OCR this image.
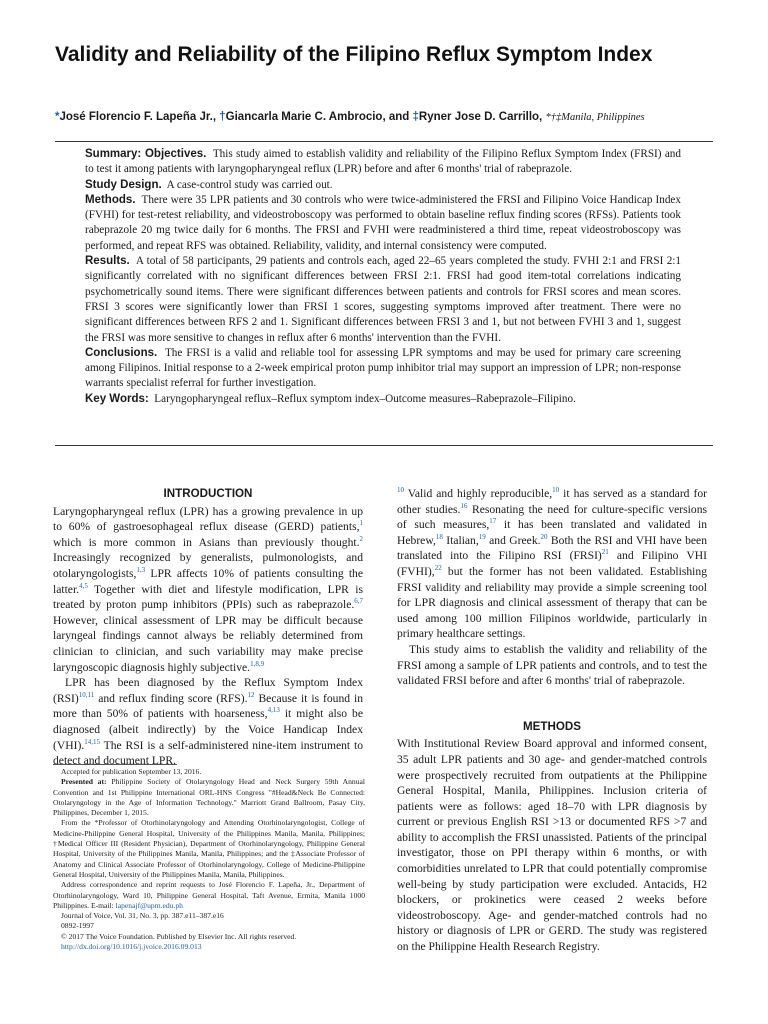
Validity and Reliability of the Filipino Reflux Symptom Index
*José Florencio F. Lapeña Jr., †Giancarla Marie C. Ambrocio, and ‡Ryner Jose D. Carrillo, *†‡Manila, Philippines

Summary: Objectives. This study aimed to establish validity and reliability of the Filipino Reflux Symptom Index (FRSI) and to test it among patients with laryngopharyngeal reflux (LPR) before and after 6 months' trial of rabeprazole.

Study Design. A case-control study was carried out.

Methods. There were 35 LPR patients and 30 controls who were twice-administered the FRSI and Filipino Voice Handicap Index (FVHI) for test-retest reliability, and videostroboscopy was performed to obtain baseline reflux finding scores (RFSs). Patients took rabeprazole 20 mg twice daily for 6 months. The FRSI and FVHI were readministered a third time, repeat videostroboscopy was performed, and repeat RFS was obtained. Reliability, validity, and internal consistency were computed.

Results. A total of 58 participants, 29 patients and controls each, aged 22–65 years completed the study. FVHI 2:1 and FRSI 2:1 significantly correlated with no significant differences between FRSI 2:1. FRSI had good item-total correlations indicating psychometrically sound items. There were significant differences between patients and controls for FRSI scores and mean scores. FRSI 3 scores were significantly lower than FRSI 1 scores, suggesting symptoms improved after treatment. There were no significant differences between RFS 2 and 1. Significant differences between FRSI 3 and 1, but not between FVHI 3 and 1, suggest the FRSI was more sensitive to changes in reflux after 6 months' intervention than the FVHI.

Conclusions. The FRSI is a valid and reliable tool for assessing LPR symptoms and may be used for primary care screening among Filipinos. Initial response to a 2-week empirical proton pump inhibitor trial may support an impression of LPR; non-response warrants specialist referral for further investigation.

Key Words: Laryngopharyngeal reflux–Reflux symptom index–Outcome measures–Rabeprazole–Filipino.

INTRODUCTION

Laryngopharyngeal reflux (LPR) has a growing prevalence in up to 60% of gastroesophageal reflux disease (GERD) patients,$^1$ which is more common in Asians than previously thought.$^2$ Increasingly recognized by generalists, pulmonologists, and otolaryngologists,$^{1,3}$ LPR affects 10% of patients consulting the latter.$^{4,5}$ Together with diet and lifestyle modification, LPR is treated by proton pump inhibitors (PPIs) such as rabeprazole.$^{6,7}$ However, clinical assessment of LPR may be difficult because laryngeal findings cannot always be reliably determined from clinician to clinician, and such variability may make precise laryngoscopic diagnosis highly subjective.$^{1,8,9}$

LPR has been diagnosed by the Reflux Symptom Index (RSI)$^{10,11}$ and reflux finding score (RFS).$^{12}$ Because it is found in more than 50% of patients with hoarseness,$^{4,13}$ it might also be diagnosed (albeit indirectly) by the Voice Handicap Index (VHI).$^{14,15}$ The RSI is a self-administered nine-item instrument to detect and document LPR.

$^{10}$ Valid and highly reproducible,$^{10}$ it has served as a standard for other studies.$^{16}$ Resonating the need for culture-specific versions of such measures,$^{17}$ it has been translated and validated in Hebrew,$^{18}$ Italian,$^{19}$ and Greek.$^{20}$ Both the RSI and VHI have been translated into the Filipino RSI (FRSI)$^{21}$ and Filipino VHI (FVHI),$^{22}$ but the former has not been validated. Establishing FRSI validity and reliability may provide a simple screening tool for LPR diagnosis and clinical assessment of therapy that can be used among 100 million Filipinos worldwide, particularly in primary healthcare settings.

This study aims to establish the validity and reliability of the FRSI among a sample of LPR patients and controls, and to test the validated FRSI before and after 6 months' trial of rabeprazole.

METHODS

With Institutional Review Board approval and informed consent, 35 adult LPR patients and 30 age- and gender-matched controls were prospectively recruited from outpatients at the Philippine General Hospital, Manila, Philippines. Inclusion criteria of patients were as follows: aged 18–70 with LPR diagnosis by current or previous English RSI >13 or documented RFS >7 and ability to accomplish the FRSI unassisted. Patients of the principal investigator, those on PPI therapy within 6 months, or with comorbidities unrelated to LPR that could potentially compromise well-being by study participation were excluded. Antacids, H2 blockers, or prokinetics were ceased 2 weeks before videostroboscopy. Age- and gender-matched controls had no history or diagnosis of LPR or GERD. The study was registered on the Philippine Health Research Registry.

Accepted for publication September 13, 2016.

Presented at: Philippine Society of Otolaryngology Head and Neck Surgery 59th Annual Convention and 1st Philippine International ORL-HNS Congress "#Head&Neck Be Connected: Otolaryngology in the Age of Information Technology." Marriott Grand Ballroom, Pasay City, Philippines, December 1, 2015.

From the *Professor of Otorhinolaryngology and Attending Otorhinolaryngologist, College of Medicine-Philippine General Hospital, University of the Philippines Manila, Manila, Philippines; †Medical Officer III (Resident Physician), Department of Otorhinolaryngology, Philippine General Hospital, University of the Philippines Manila, Manila, Philippines; and the ‡Associate Professor of Anatomy and Clinical Associate Professor of Otorhinolaryngology, College of Medicine-Philippine General Hospital, University of the Philippines Manila, Manila, Philippines.

Address correspondence and reprint requests to José Florencio F. Lapeña, Jr., Department of Otorhinolaryngology, Ward 10, Philippine General Hospital, Taft Avenue, Ermita, Manila 1000 Philippines. E-mail: lapenajf@upm.edu.ph

Journal of Voice, Vol. 31, No. 3, pp. 387.e11–387.e16

0892-1997

© 2017 The Voice Foundation. Published by Elsevier Inc. All rights reserved.

http://dx.doi.org/10.1016/j.jvoice.2016.09.013
